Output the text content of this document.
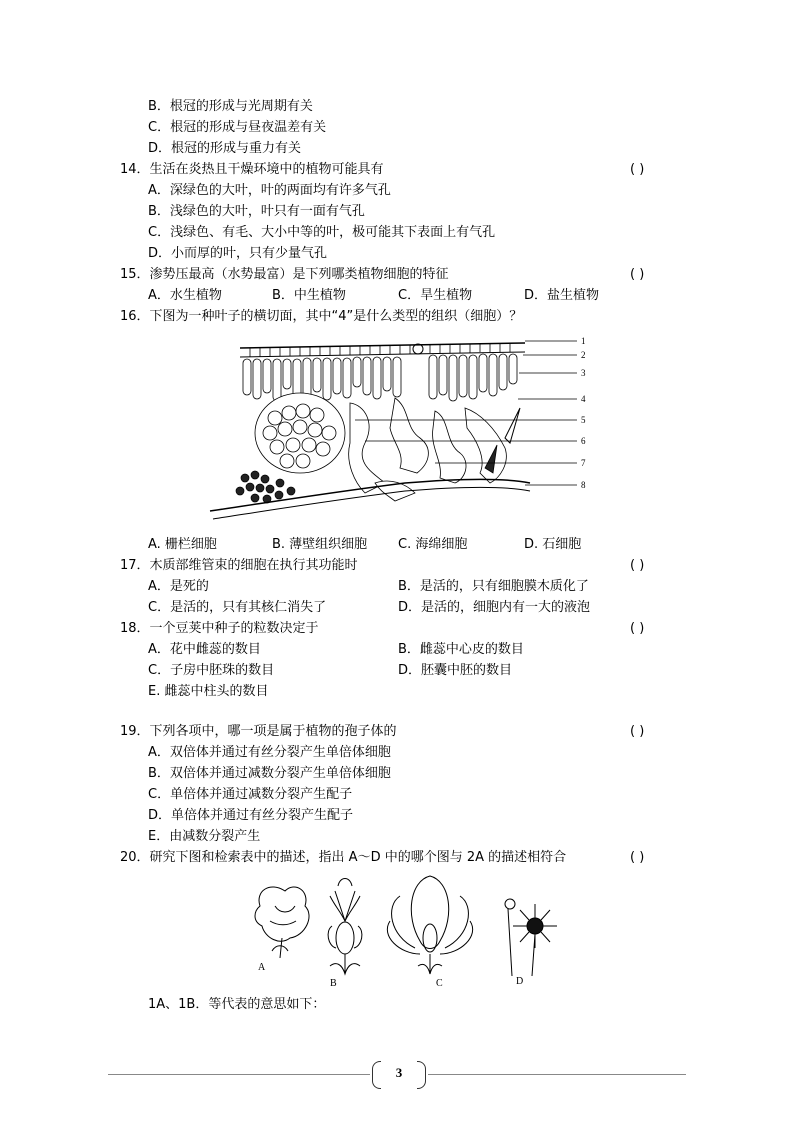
B．根冠的形成与光周期有关
C．根冠的形成与昼夜温差有关
D．根冠的形成与重力有关
14．生活在炎热且干燥环境中的植物可能具有	( )
A．深绿色的大叶，叶的两面均有许多气孔
B．浅绿色的大叶，叶只有一面有气孔
C．浅绿色、有毛、大小中等的叶，极可能其下表面上有气孔
D．小而厚的叶，只有少量气孔
15．渗势压最高（水势最富）是下列哪类植物细胞的特征	( )
A．水生植物	B．中生植物	C．旱生植物	D．盐生植物
16．下图为一种叶子的横切面，其中“4”是什么类型的组织（细胞）？
1
2
3
4
5
6
7
8
A. 栅栏细胞	B. 薄壁组织细胞 C. 海绵细胞	D. 石细胞
17．木质部维管束的细胞在执行其功能时	( )
A．是死的	B．是活的，只有细胞膜木质化了
C．是活的，只有其核仁消失了	D．是活的，细胞内有一大的液泡
18．一个豆荚中种子的粒数决定于	( )
A．花中雌蕊的数目	B．雌蕊中心皮的数目
C．子房中胚珠的数目	D．胚囊中胚的数目
E. 雌蕊中柱头的数目
19．下列各项中，哪一项是属于植物的孢子体的	( )
A．双倍体并通过有丝分裂产生单倍体细胞
B．双倍体并通过减数分裂产生单倍体细胞
C．单倍体并通过减数分裂产生配子
D．单倍体并通过有丝分裂产生配子
E．由减数分裂产生
20．研究下图和检索表中的描述，指出 A～D 中的哪个图与 2A 的描述相符合	( )
A
B	C	D
1A、1B．等代表的意思如下：
3
